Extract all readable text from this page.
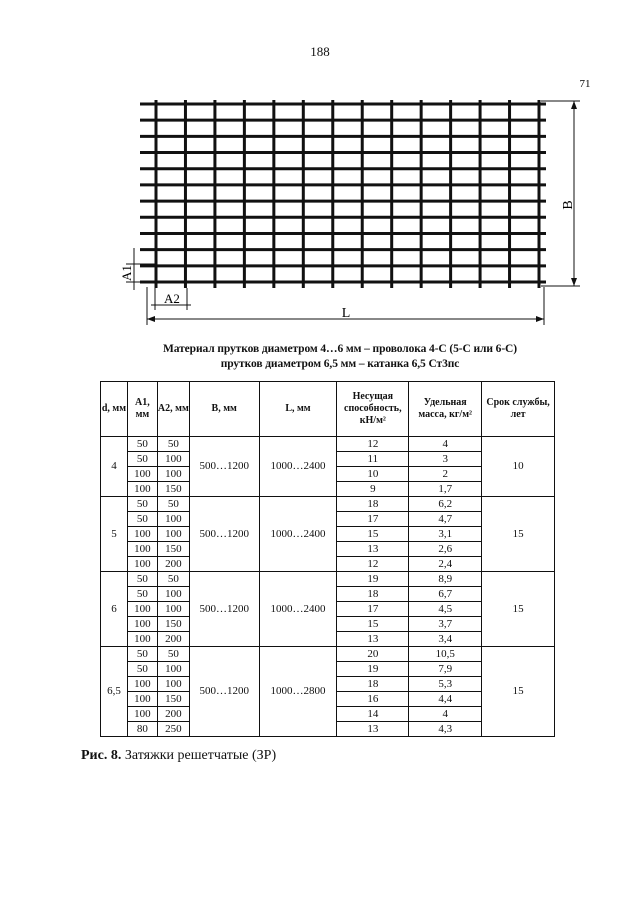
188
B
L
A1
A2
71
Материал прутков диаметром 4…6 мм – проволока 4-С (5-С или 6-С)
прутков диаметром 6,5 мм – катанка 6,5 Ст3пс
d, мм	A1, мм	A2, мм	B, мм	L, мм	Несущая способность, кН/м²	Удельная масса, кг/м²	Срок службы, лет
4	50	50	500…1200	1000…2400	12	4	10
	50	100			11	3	
	100	100			10	2	
	100	150			9	1,7	
5	50	50	500…1200	1000…2400	18	6,2	15
	50	100			17	4,7	
	100	100			15	3,1	
	100	150			13	2,6	
	100	200			12	2,4	
6	50	50	500…1200	1000…2400	19	8,9	15
	50	100			18	6,7	
	100	100			17	4,5	
	100	150			15	3,7	
	100	200			13	3,4	
6,5	50	50	500…1200	1000…2800	20	10,5	15
	50	100			19	7,9	
	100	100			18	5,3	
	100	150			16	4,4	
	100	200			14	4	
	80	250			13	4,3	
Рис. 8. Затяжки решетчатые (ЗР)
